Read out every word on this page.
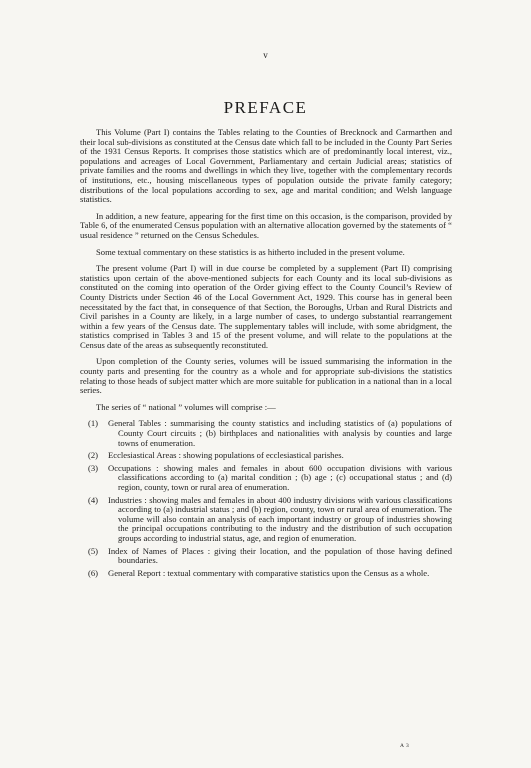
v
PREFACE

This Volume (Part I) contains the Tables relating to the Counties of Brecknock and Carmarthen and their local sub-divisions as constituted at the Census date which fall to be included in the County Part Series of the 1931 Census Reports. It comprises those statistics which are of predominantly local interest, viz., populations and acreages of Local Government, Parliamentary and certain Judicial areas; statistics of private families and the rooms and dwellings in which they live, together with the complementary records of institutions, etc., housing miscellaneous types of population outside the private family category; distributions of the local populations according to sex, age and marital condition; and Welsh language statistics.

In addition, a new feature, appearing for the first time on this occasion, is the comparison, provided by Table 6, of the enumerated Census population with an alternative allocation governed by the statements of “ usual residence ” returned on the Census Schedules.

Some textual commentary on these statistics is as hitherto included in the present volume.

The present volume (Part I) will in due course be completed by a supplement (Part II) comprising statistics upon certain of the above-mentioned subjects for each County and its local sub-divisions as constituted on the coming into operation of the Order giving effect to the County Council’s Review of County Districts under Section 46 of the Local Government Act, 1929. This course has in general been necessitated by the fact that, in consequence of that Section, the Boroughs, Urban and Rural Districts and Civil parishes in a County are likely, in a large number of cases, to undergo substantial rearrangement within a few years of the Census date. The supplementary tables will include, with some abridgment, the statistics comprised in Tables 3 and 15 of the present volume, and will relate to the populations at the Census date of the areas as subsequently reconstituted.

Upon completion of the County series, volumes will be issued summarising the information in the county parts and presenting for the country as a whole and for appropriate sub-divisions the statistics relating to those heads of subject matter which are more suitable for publication in a national than in a local series.

The series of “ national ” volumes will comprise :—

(1) General Tables : summarising the county statistics and including statistics of (a) populations of County Court circuits ; (b) birthplaces and nationalities with analysis by counties and large towns of enumeration.
(2) Ecclesiastical Areas : showing populations of ecclesiastical parishes.
(3) Occupations : showing males and females in about 600 occupation divisions with various classifications according to (a) marital condition ; (b) age ; (c) occupational status ; and (d) region, county, town or rural area of enumeration.
(4) Industries : showing males and females in about 400 industry divisions with various classifications according to (a) industrial status ; and (b) region, county, town or rural area of enumeration. The volume will also contain an analysis of each important industry or group of industries showing the principal occupations contributing to the industry and the distribution of such occupation groups according to industrial status, age, and region of enumeration.
(5) Index of Names of Places : giving their location, and the population of those having defined boundaries.
(6) General Report : textual commentary with comparative statistics upon the Census as a whole.
A 3
